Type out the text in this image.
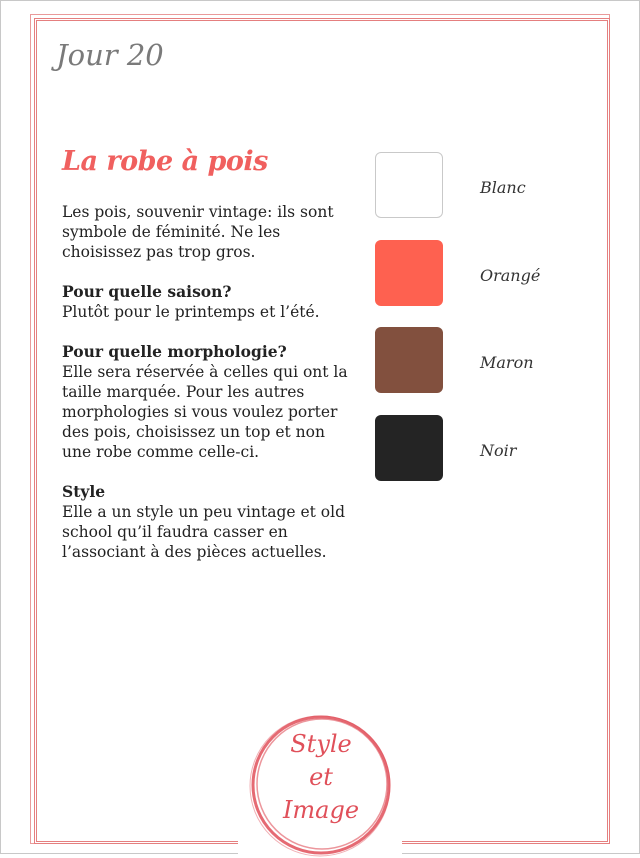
Jour 20
La robe à pois

Les pois, souvenir vintage: ils sont symbole de féminité. Ne les choisissez pas trop gros.

Pour quelle saison?
Plutôt pour le printemps et l’été.

Pour quelle morphologie?
Elle sera réservée à celles qui ont la taille marquée. Pour les autres morphologies si vous voulez porter des pois, choisissez un top et non une robe comme celle-ci.

Style
Elle a un style un peu vintage et old school qu’il faudra casser en l’associant à des pièces actuelles.

Blanc
Orangé
Maron
Noir
Style
et
Image
